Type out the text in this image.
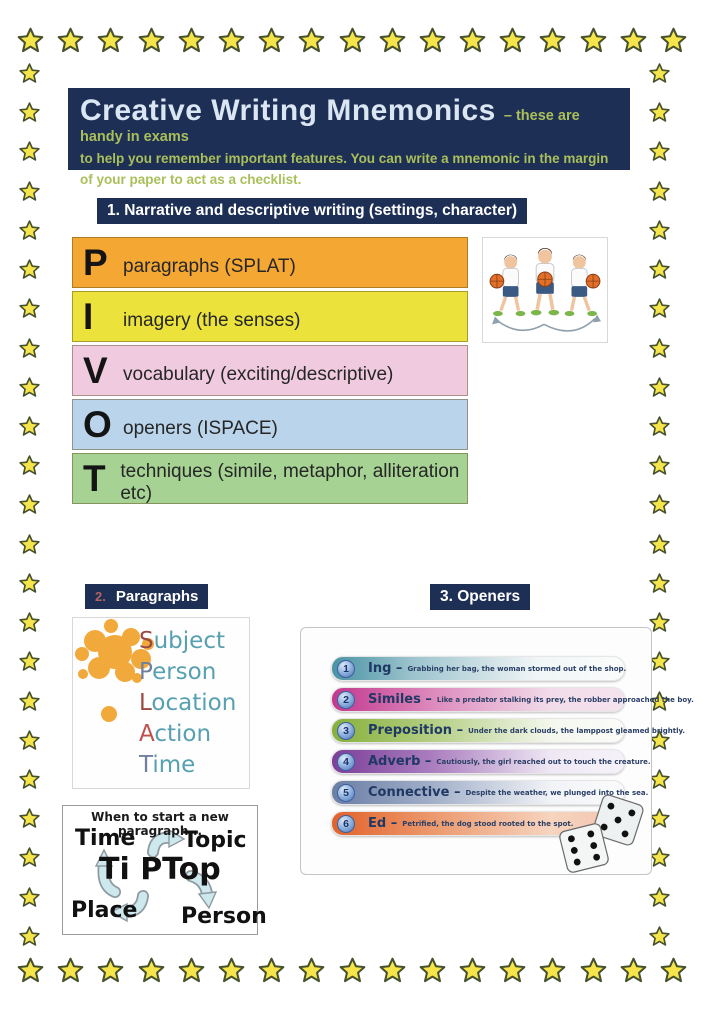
Creative Writing Mnemonics – these are handy in exams
to help you remember important features. You can write a mnemonic in the margin of your paper to act as a checklist.
1. Narrative and descriptive writing (settings, character)
P paragraphs (SPLAT)
I	imagery (the senses)
V vocabulary (exciting/descriptive)
O openers (ISPACE)
T techniques (simile, metaphor, alliteration etc)
2. Paragraphs
Subject
Person
Location
Action
Time
When to start a new paragraph...
Time Topic
Ti PTop
Place Person
3. Openers
1	Ing – Grabbing her bag, the woman stormed out of the shop.
2	Similes – Like a predator stalking its prey, the robber approached the boy.
3	Preposition – Under the dark clouds, the lamppost gleamed brightly.
4	Adverb – Cautiously, the girl reached out to touch the creature.
5	Connective – Despite the weather, we plunged into the sea.
6	Ed – Petrified, the dog stood rooted to the spot.
